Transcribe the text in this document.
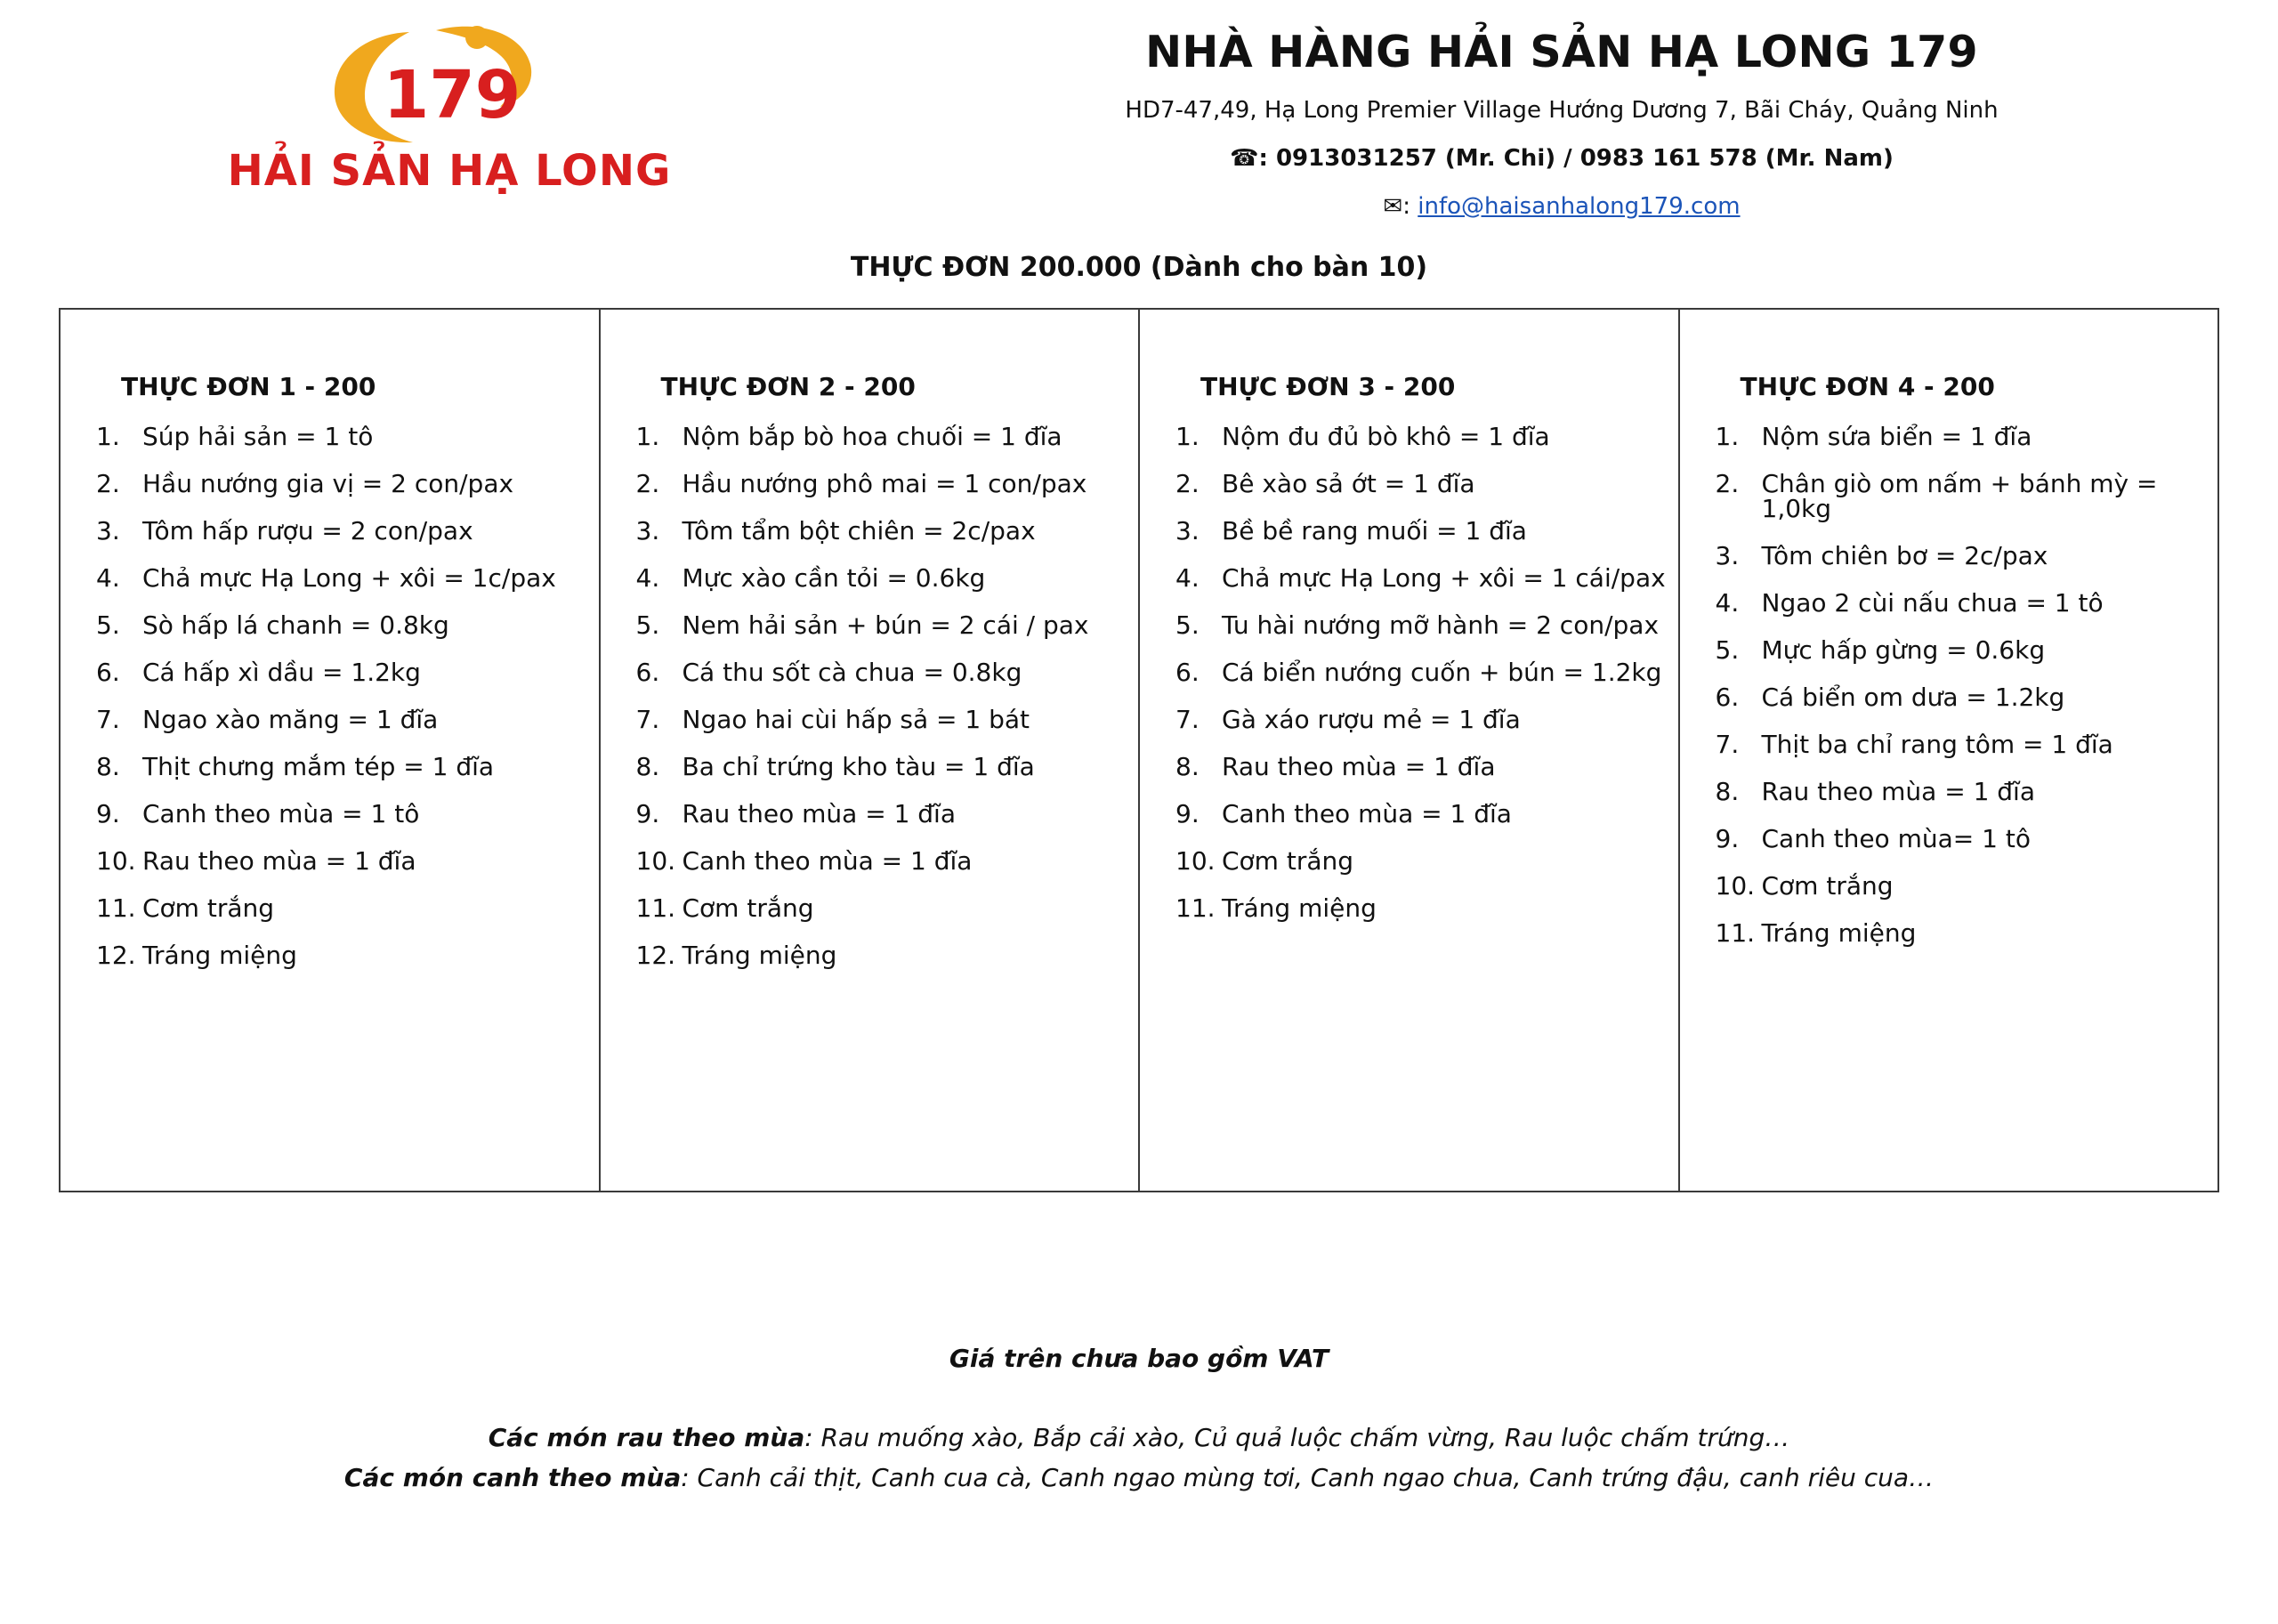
179
HẢI SẢN HẠ LONG
NHÀ HÀNG HẢI SẢN HẠ LONG 179
HD7-47,49, Hạ Long Premier Village Hướng Dương 7, Bãi Cháy, Quảng Ninh
☎: 0913031257 (Mr. Chi) / 0983 161 578 (Mr. Nam)
✉: info@haisanhalong179.com
THỰC ĐƠN 200.000 (Dành cho bàn 10)
THỰC ĐƠN 1 - 200
1. Súp hải sản = 1 tô
2. Hầu nướng gia vị = 2 con/pax
3. Tôm hấp rượu = 2 con/pax
4. Chả mực Hạ Long + xôi = 1c/pax
5. Sò hấp lá chanh = 0.8kg
6. Cá hấp xì dầu = 1.2kg
7. Ngao xào măng = 1 đĩa
8. Thịt chưng mắm tép = 1 đĩa
9. Canh theo mùa = 1 tô
10. Rau theo mùa = 1 đĩa
11. Cơm trắng
12. Tráng miệng
THỰC ĐƠN 2 - 200
1. Nộm bắp bò hoa chuối = 1 đĩa
2. Hầu nướng phô mai = 1 con/pax
3. Tôm tẩm bột chiên = 2c/pax
4. Mực xào cần tỏi = 0.6kg
5. Nem hải sản + bún = 2 cái / pax
6. Cá thu sốt cà chua = 0.8kg
7. Ngao hai cùi hấp sả = 1 bát
8. Ba chỉ trứng kho tàu = 1 đĩa
9. Rau theo mùa = 1 đĩa
10. Canh theo mùa = 1 đĩa
11. Cơm trắng
12. Tráng miệng
THỰC ĐƠN 3 - 200
1. Nộm đu đủ bò khô = 1 đĩa
2. Bê xào sả ớt = 1 đĩa
3. Bề bề rang muối = 1 đĩa
4. Chả mực Hạ Long + xôi = 1 cái/pax
5. Tu hài nướng mỡ hành = 2 con/pax
6. Cá biển nướng cuốn + bún = 1.2kg
7. Gà xáo rượu mẻ = 1 đĩa
8. Rau theo mùa = 1 đĩa
9. Canh theo mùa = 1 đĩa
10. Cơm trắng
11. Tráng miệng
THỰC ĐƠN 4 - 200
1. Nộm sứa biển = 1 đĩa
2. Chân giò om nấm + bánh mỳ = 1,0kg
3. Tôm chiên bơ = 2c/pax
4. Ngao 2 cùi nấu chua = 1 tô
5. Mực hấp gừng = 0.6kg
6. Cá biển om dưa = 1.2kg
7. Thịt ba chỉ rang tôm = 1 đĩa
8. Rau theo mùa = 1 đĩa
9. Canh theo mùa= 1 tô
10. Cơm trắng
11. Tráng miệng
Giá trên chưa bao gồm VAT
Các món rau theo mùa: Rau muống xào, Bắp cải xào, Củ quả luộc chấm vừng, Rau luộc chấm trứng…
Các món canh theo mùa: Canh cải thịt, Canh cua cà, Canh ngao mùng tơi, Canh ngao chua, Canh trứng đậu, canh riêu cua…
